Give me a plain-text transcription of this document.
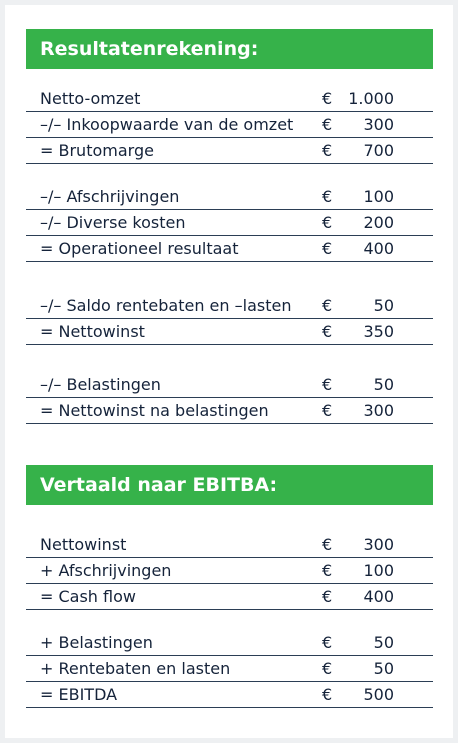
Resultatenrekening:
Netto-omzet	€ 1.000
–/– Inkoopwaarde van de omzet € 300
= Brutomarge	€ 700
–/– Afschrijvingen	€ 100
–/– Diverse kosten	€ 200
= Operationeel resultaat	€ 400
–/– Saldo rentebaten en –lasten €	50
= Nettowinst	€ 350
–/– Belastingen	€	50
= Nettowinst na belastingen	€ 300
Vertaald naar EBITBA:
Nettowinst	€ 300
+ Afschrijvingen	€ 100
= Cash flow	€ 400
+ Belastingen	€	50
+ Rentebaten en lasten	€	50
= EBITDA	€ 500
